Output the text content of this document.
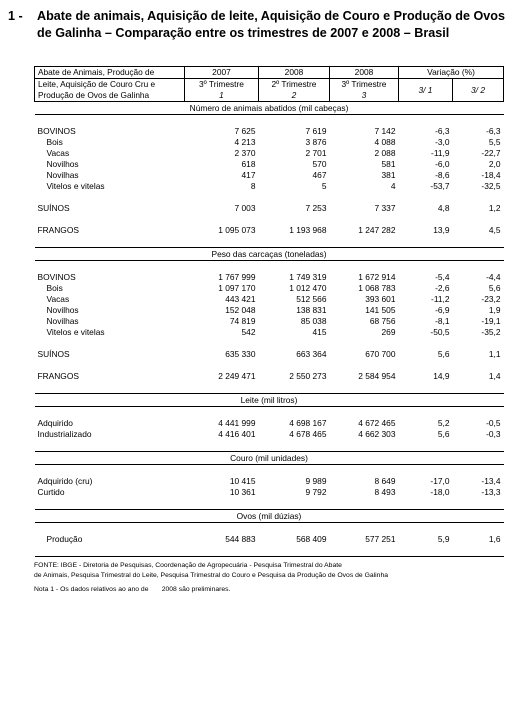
1 - Abate de animais, Aquisição de leite, Aquisição de Couro e Produção de Ovos de Galinha – Comparação entre os trimestres de 2007 e 2008 – Brasil
Abate de Animais, Produção de	2007	2008	2008	Variação (%)	
Leite, Aquisição de Couro Cru e	3º Trimestre	2º Trimestre	3º Trimestre	3/ 1	3/ 2
Produção de Ovos de Galinha	1	2	3		
Número de animais abatidos (mil cabeças)					

BOVINOS	7 625	7 619	7 142	-6,3	-6,3
Bois	4 213	3 876	4 088	-3,0	5,5
Vacas	2 370	2 701	2 088	-11,9	-22,7
Novilhos	618	570	581	-6,0	2,0
Novilhas	417	467	381	-8,6	-18,4
Vitelos e vitelas	8	5	4	-53,7	-32,5

SUÍNOS	7 003	7 253	7 337	4,8	1,2

FRANGOS	1 095 073	1 193 968	1 247 282	13,9	4,5

Peso das carcaças (toneladas)					

BOVINOS	1 767 999	1 749 319	1 672 914	-5,4	-4,4
Bois	1 097 170	1 012 470	1 068 783	-2,6	5,6
Vacas	443 421	512 566	393 601	-11,2	-23,2
Novilhos	152 048	138 831	141 505	-6,9	1,9
Novilhas	74 819	85 038	68 756	-8,1	-19,1
Vitelos e vitelas	542	415	269	-50,5	-35,2

SUÍNOS	635 330	663 364	670 700	5,6	1,1

FRANGOS	2 249 471	2 550 273	2 584 954	14,9	1,4

Leite (mil litros)					

Adquirido	4 441 999	4 698 167	4 672 465	5,2	-0,5
Industrializado	4 416 401	4 678 465	4 662 303	5,6	-0,3

Couro (mil unidades)					

Adquirido (cru)	10 415	9 989	8 649	-17,0	-13,4
Curtido	10 361	9 792	8 493	-18,0	-13,3

Ovos (mil dúzias)					

Produção	544 883	568 409	577 251	5,9	1,6

FONTE: IBGE - Diretoria de Pesquisas, Coordenação de Agropecuária - Pesquisa Trimestral do Abate
de Animais, Pesquisa Trimestral do Leite, Pesquisa Trimestral do Couro e Pesquisa da Produção de Ovos de Galinha
Nota 1 - Os dados relativos ao ano de       2008 são preliminares.
